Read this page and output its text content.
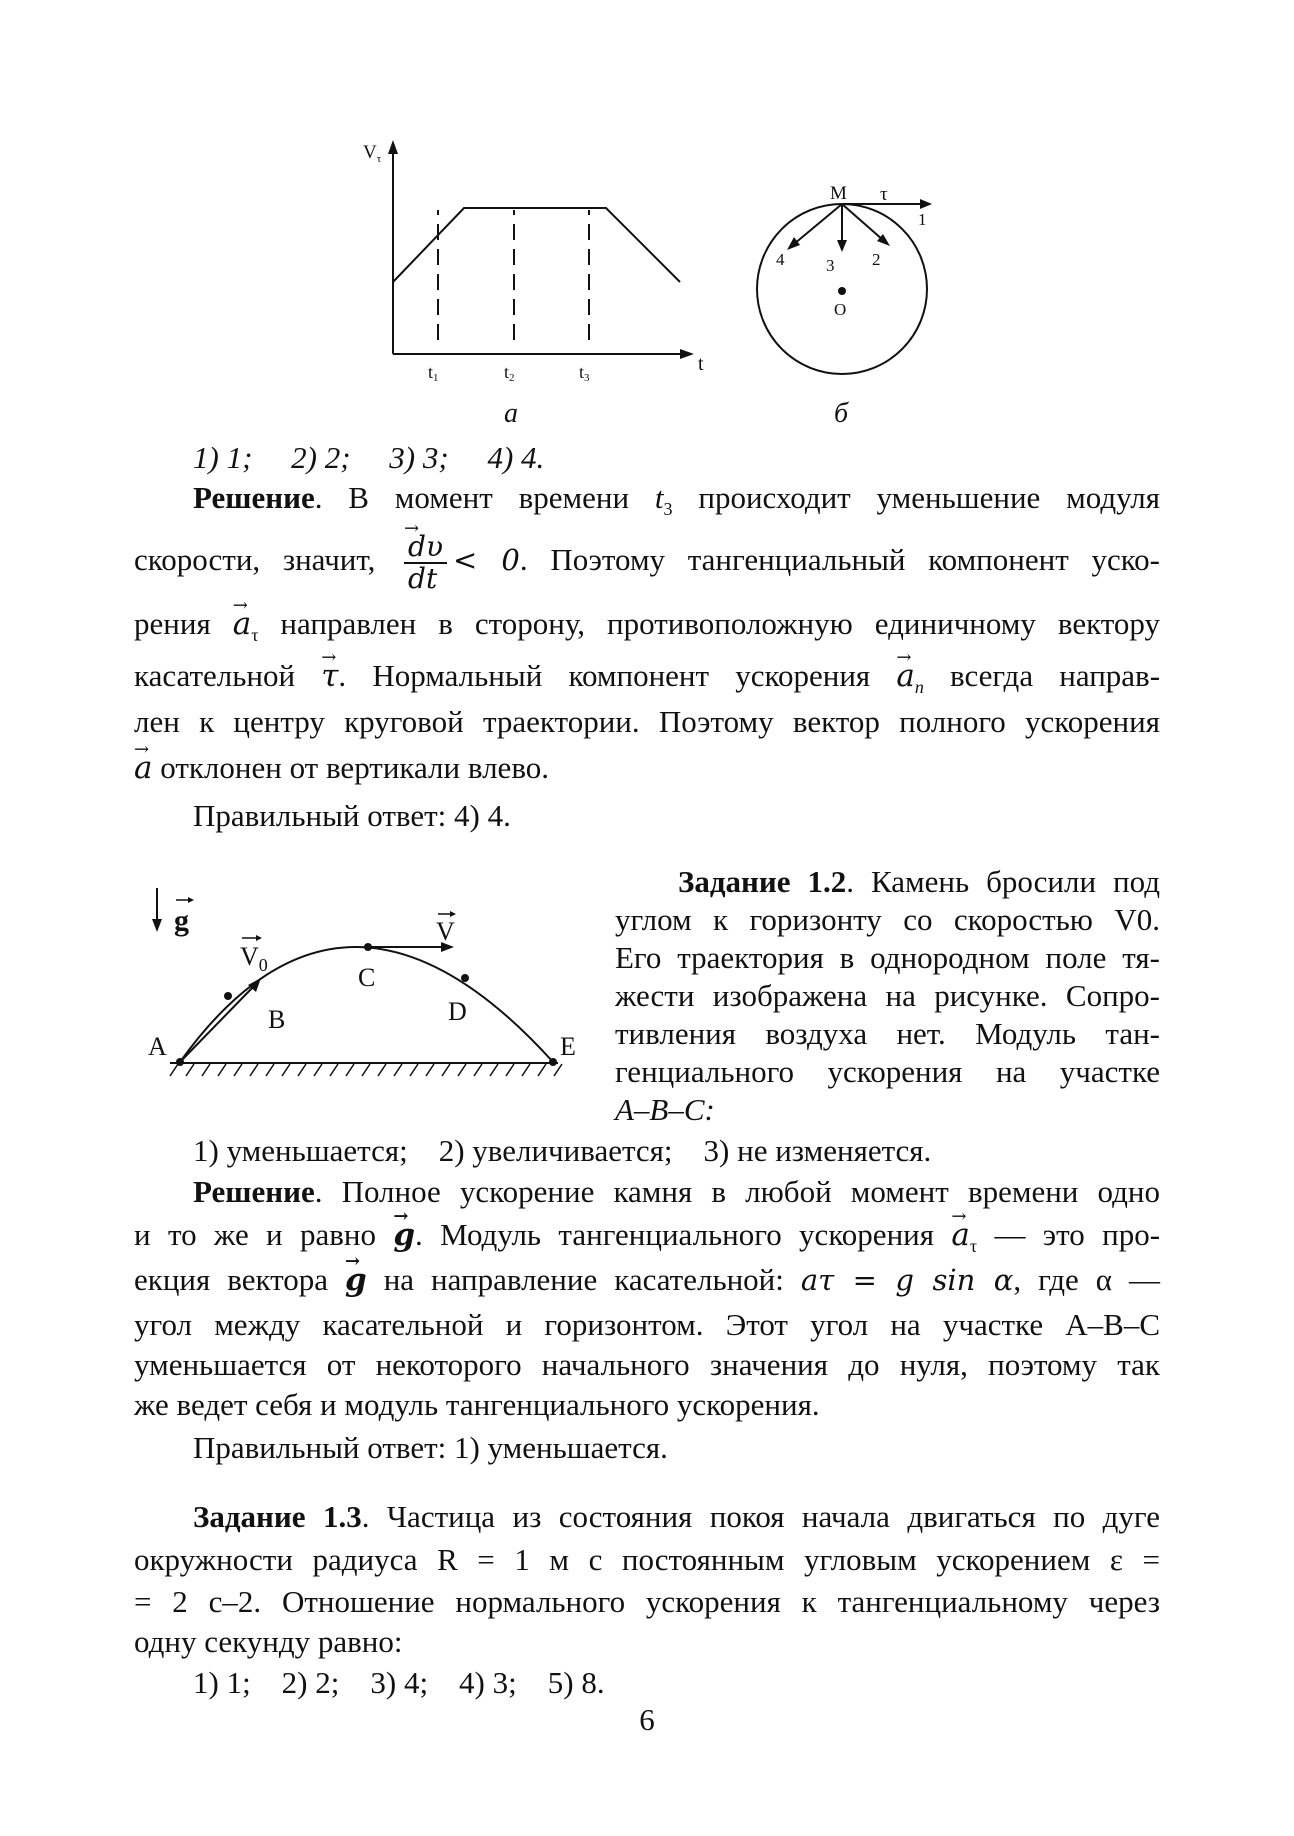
$V_\tau$
t
t1	t2	t3
а
M τ
1
2
3
4
O
б
1) 1;     2) 2;     3) 3;     4) 4.

Решение. В момент времени $t_3$ происходит уменьшение модуля

скорости, значит, → $\frac{d\upsilon}{dt} < 0$. Поэтому тангенциальный компонент уско-

рения → $a_\tau$ направлен в сторону, противоположную единичному вектору

касательной → τ. Нормальный компонент ускорения → $a_n$ всегда направ-

лен к центру круговой траектории. Поэтому вектор полного ускорения

→ a отклонен от вертикали влево.

Правильный ответ: 4) 4.

g
$V_0$
V
A
B
C
D
E

Задание 1.2. Камень бросили под

углом к горизонту со скоростью V0.

Его траектория в однородном поле тя-

жести изображена на рисунке. Сопро-

тивления воздуха нет. Модуль тан-

генциального ускорения на участке

A–B–C:

1) уменьшается;    2) увеличивается;    3) не изменяется.

Решение. Полное ускорение камня в любой момент времени одно

и то же и равно → g. Модуль тангенциального ускорения → $a_\tau$ — это про-

екция вектора → g на направление касательной: aτ = g sin α, где α —

угол между касательной и горизонтом. Этот угол на участке A–B–C

уменьшается от некоторого начального значения до нуля, поэтому так

же ведет себя и модуль тангенциального ускорения.

Правильный ответ: 1) уменьшается.

Задание 1.3. Частица из состояния покоя начала двигаться по дуге

окружности радиуса R = 1 м с постоянным угловым ускорением ε =

= 2 с–2. Отношение нормального ускорения к тангенциальному через

одну секунду равно:

1) 1;    2) 2;    3) 4;    4) 3;    5) 8.
6
